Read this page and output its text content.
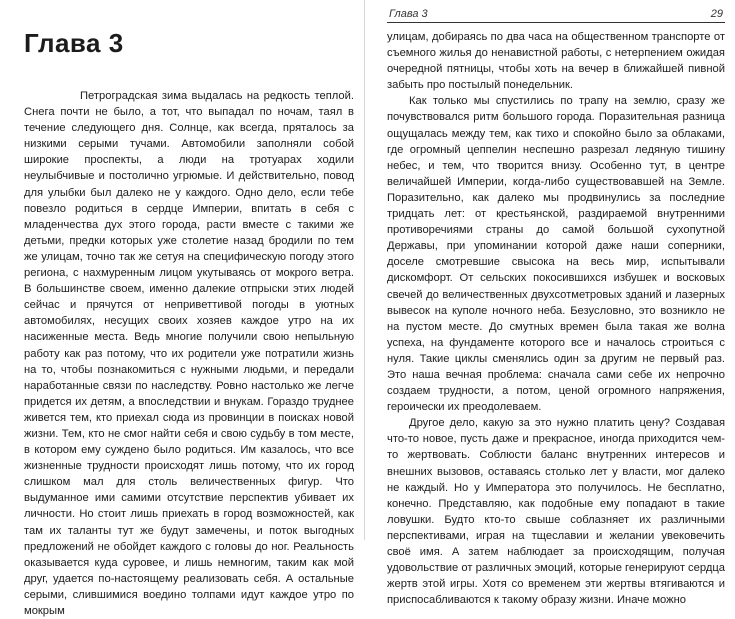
Глава 3

Петроградская зима выдалась на редкость теплой. Снега почти не было, а тот, что выпадал по ночам, таял в течение следующего дня. Солнце, как всегда, пряталось за низкими серыми тучами. Автомобили заполняли собой широкие проспекты, а люди на тротуарах ходили неулыбчивые и постолично угрюмые. И действительно, повод для улыбки был далеко не у каждого. Одно дело, если тебе повезло родиться в сердце Империи, впитать в себя с младенчества дух этого города, расти вместе с такими же детьми, предки которых уже столетие назад бродили по тем же улицам, точно так же сетуя на специфическую погоду этого региона, с нахмуренным лицом укутываясь от мокрого ветра. В большинстве своем, именно далекие отпрыски этих людей сейчас и прячутся от неприветтивой погоды в уютных автомобилях, несущих своих хозяев каждое утро на их насиженные места. Ведь многие получили свою непыльную работу как раз потому, что их родители уже потратили жизнь на то, чтобы познакомиться с нужными людьми, и передали наработанные связи по наследству. Ровно настолько же легче придется их детям, а впоследствии и внукам. Гораздо труднее живется тем, кто приехал сюда из провинции в поисках новой жизни. Тем, кто не смог найти себя и свою судьбу в том месте, в котором ему суждено было родиться. Им казалось, что все жизненные трудности происходят лишь потому, что их город слишком мал для столь величественных фигур. Что выдуманное ими самими отсутствие перспектив убивает их личности. Но стоит лишь приехать в город возможностей, как там их таланты тут же будут замечены, и поток выгодных предложений не обойдет каждого с головы до ног. Реальность оказывается куда суровее, и лишь немногим, таким как мой друг, удается по-настоящему реализовать себя. А остальные серыми, слившимися воедино толпами идут каждое утро по мокрым

Глава 3	29

улицам, добираясь по два часа на общественном транспорте от съемного жилья до ненавистной работы, с нетерпением ожидая очередной пятницы, чтобы хоть на вечер в ближайшей пивной забыть про постылый понедельник.

Как только мы спустились по трапу на землю, сразу же почувствовался ритм большого города. Поразительная разница ощущалась между тем, как тихо и спокойно было за облаками, где огромный цеппелин неспешно разрезал ледяную тишину небес, и тем, что творится внизу. Особенно тут, в центре величайшей Империи, когда-либо существовавшей на Земле. Поразительно, как далеко мы продвинулись за последние тридцать лет: от крестьянской, раздираемой внутренними противоречиями страны до самой большой сухопутной Державы, при упоминании которой даже наши соперники, доселе смотревшие свысока на весь мир, испытывали дискомфорт. От сельских покосившихся избушек и восковых свечей до величественных двухсотметровых зданий и лазерных вывесок на куполе ночного неба. Безусловно, это возникло не на пустом месте. До смутных времен была такая же волна успеха, на фундаменте которого все и началось строиться с нуля. Такие циклы сменялись один за другим не первый раз. Это наша вечная проблема: сначала сами себе их непрочно создаем трудности, а потом, ценой огромного напряжения, героически их преодолеваем.

Другое дело, какую за это нужно платить цену? Создавая что-то новое, пусть даже и прекрасное, иногда приходится чем-то жертвовать. Соблюсти баланс внутренних интересов и внешних вызовов, оставаясь столько лет у власти, мог далеко не каждый. Но у Императора это получилось. Не бесплатно, конечно. Представляю, как подобные ему попадают в такие ловушки. Будто кто-то свыше соблазняет их различными перспективами, играя на тщеславии и желании увековечить своё имя. А затем наблюдает за происходящим, получая удовольствие от различных эмоций, которые генерируют сердца жертв этой игры. Хотя со временем эти жертвы втягиваются и приспосабливаются к такому образу жизни. Иначе можно
